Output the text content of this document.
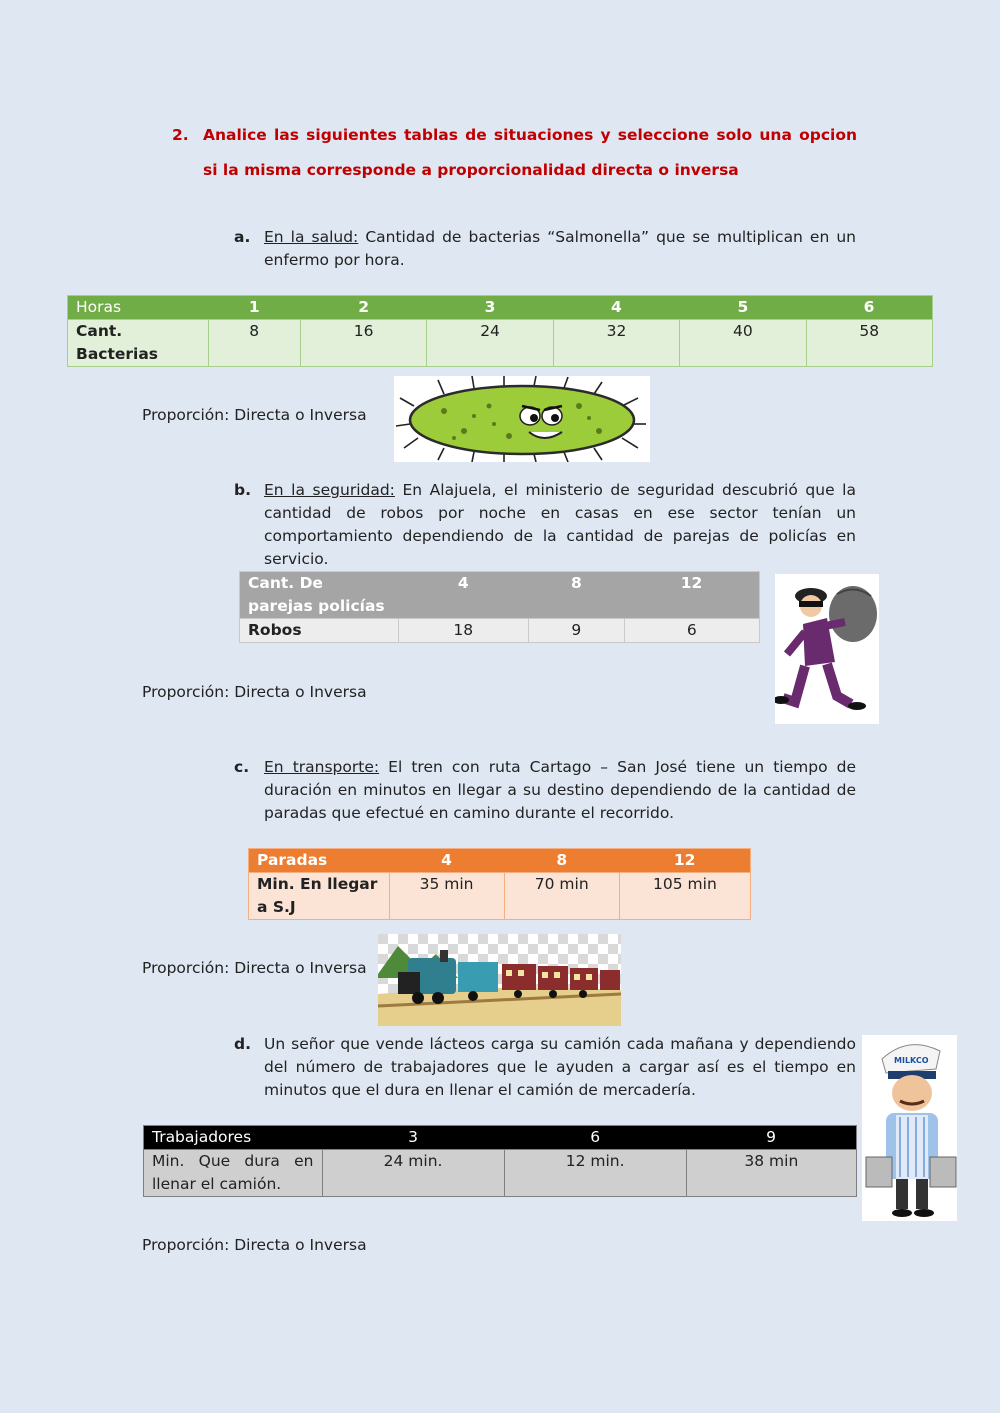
2. Analice las siguientes tablas de situaciones y seleccione solo una opcion si la misma corresponde a proporcionalidad directa o inversa
a. En la salud: Cantidad de bacterias “Salmonella” que se multiplican en un enfermo por hora.
Horas	1	2	3	4	5	6
Cant. Bacterias	8	16	24	32	40	58
Proporción: Directa o Inversa
b. En la seguridad: En Alajuela, el ministerio de seguridad descubrió que la cantidad de robos por noche en casas en ese sector tenían un comportamiento dependiendo de la cantidad de parejas de policías en servicio.
Cant. De parejas policías	4	8	12
Robos	18	9	6
Proporción: Directa o Inversa
c. En transporte: El tren con ruta Cartago – San José tiene un tiempo de duración en minutos en llegar a su destino dependiendo de la cantidad de paradas que efectué en camino durante el recorrido.
Paradas	4	8	12
Min. En llegar a S.J	35 min	70 min	105 min
Proporción: Directa o Inversa
d. Un señor que vende lácteos carga su camión cada mañana y dependiendo del número de trabajadores que le ayuden a cargar así es el tiempo en minutos que el dura en llenar el camión de mercadería.
MILKCO
Trabajadores	3	6	9
Min. Que dura en llenar el camión.	24 min.	12 min.	38 min
Proporción: Directa o Inversa
